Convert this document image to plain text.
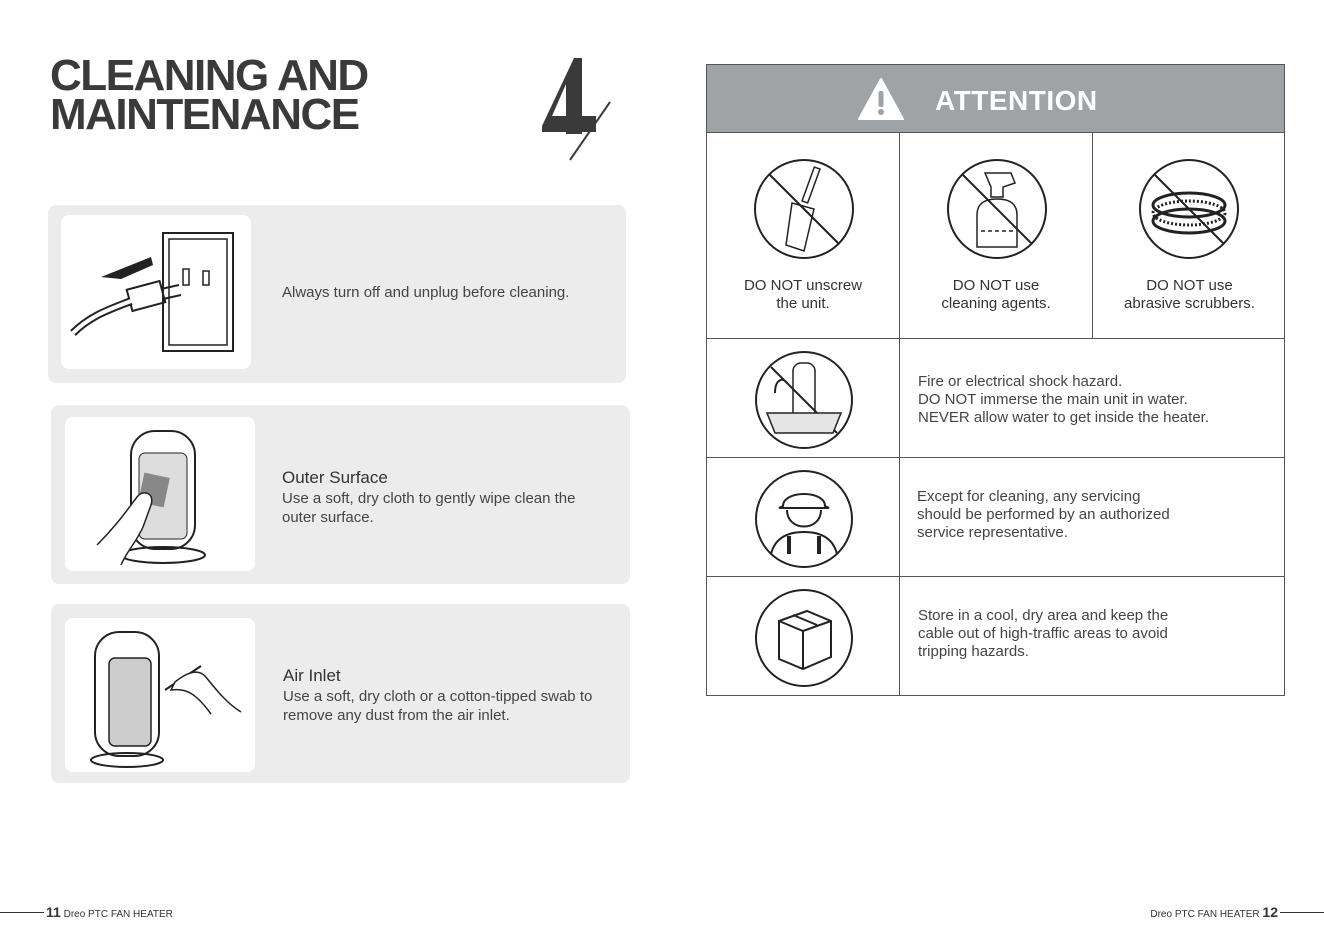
CLEANING AND
MAINTENANCE
Always turn off and unplug before cleaning.
Outer Surface
Use a soft, dry cloth to gently wipe clean the outer surface.
Air Inlet
Use a soft, dry cloth or a cotton-tipped swab to remove any dust from the air inlet.
ATTENTION
DO NOT unscrew
the unit.
DO NOT use
cleaning agents.
DO NOT use
abrasive scrubbers.
Fire or electrical shock hazard.
DO NOT immerse the main unit in water.
NEVER allow water to get inside the heater.
Except for cleaning, any servicing
should be performed by an authorized
service representative.
Store in a cool, dry area and keep the
cable out of high-traffic areas to avoid
tripping hazards.
11 Dreo PTC FAN HEATER	Dreo PTC FAN HEATER 12
